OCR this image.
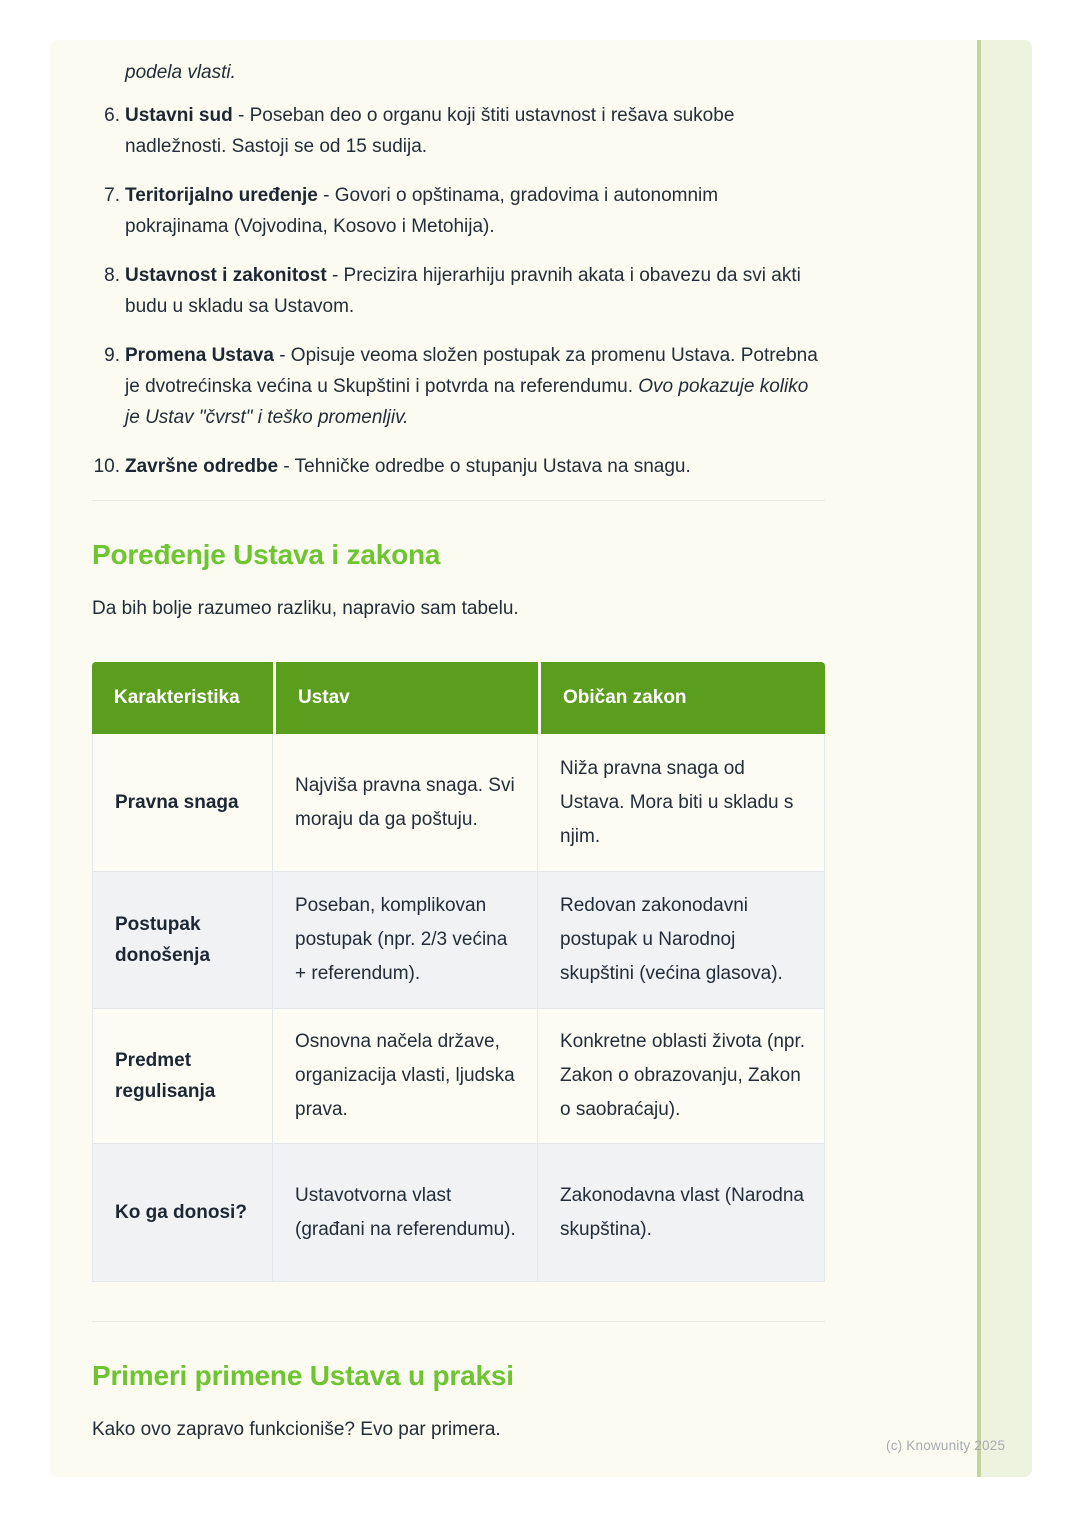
podela vlasti.

6. Ustavni sud - Poseban deo o organu koji štiti ustavnost i rešava sukobe nadležnosti. Sastoji se od 15 sudija.
7. Teritorijalno uređenje - Govori o opštinama, gradovima i autonomnim pokrajinama (Vojvodina, Kosovo i Metohija).
8. Ustavnost i zakonitost - Precizira hijerarhiju pravnih akata i obavezu da svi akti budu u skladu sa Ustavom.
9. Promena Ustava - Opisuje veoma složen postupak za promenu Ustava. Potrebna je dvotrećinska većina u Skupštini i potvrda na referendumu. Ovo pokazuje koliko je Ustav "čvrst" i teško promenljiv.
10. Završne odredbe - Tehničke odredbe o stupanju Ustava na snagu.
Poređenje Ustava i zakona

Da bih bolje razumeo razliku, napravio sam tabelu.

Karakteristika	Ustav	Običan zakon
Pravna snaga	Najviša pravna snaga. Svi moraju da ga poštuju.	Niža pravna snaga od Ustava. Mora biti u skladu s njim.
Postupak donošenja	Poseban, komplikovan postupak (npr. 2/3 većina + referendum).	Redovan zakonodavni postupak u Narodnoj skupštini (većina glasova).
Predmet regulisanja	Osnovna načela države, organizacija vlasti, ljudska prava.	Konkretne oblasti života (npr. Zakon o obrazovanju, Zakon o saobraćaju).
Ko ga donosi?	Ustavotvorna vlast (građani na referendumu).	Zakonodavna vlast (Narodna skupština).
Primeri primene Ustava u praksi

Kako ovo zapravo funkcioniše? Evo par primera.

(c) Knowunity 2025
